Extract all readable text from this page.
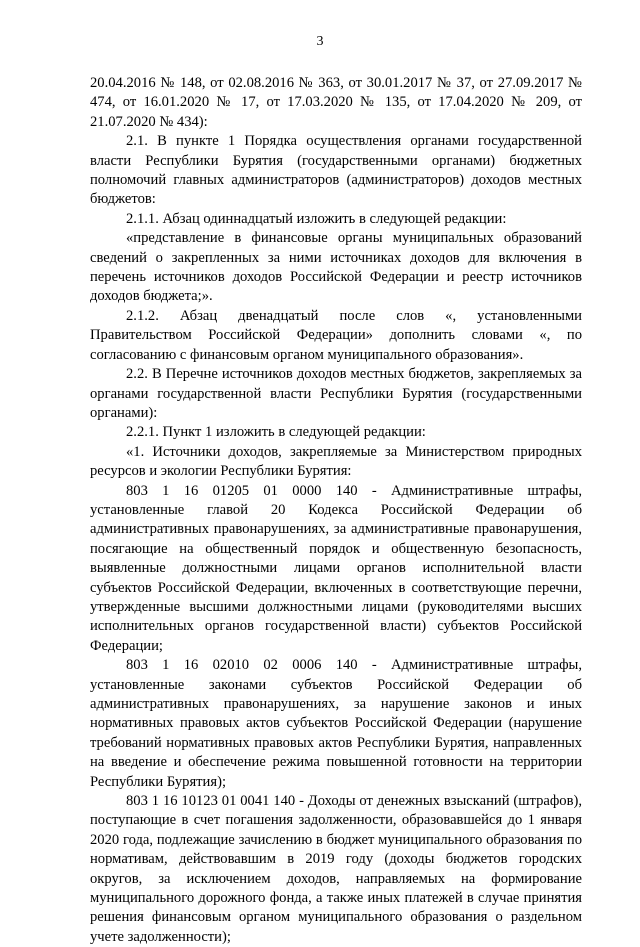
3

20.04.2016 № 148, от 02.08.2016 № 363, от 30.01.2017 № 37, от 27.09.2017 № 474, от 16.01.2020 № 17, от 17.03.2020 № 135, от 17.04.2020 № 209, от 21.07.2020 № 434):

2.1. В пункте 1 Порядка осуществления органами государственной власти Республики Бурятия (государственными органами) бюджетных полномочий главных администраторов (администраторов) доходов местных бюджетов:

2.1.1. Абзац одиннадцатый изложить в следующей редакции:

«представление в финансовые органы муниципальных образований сведений о закрепленных за ними источниках доходов для включения в перечень источников доходов Российской Федерации и реестр источников доходов бюджета;».

2.1.2. Абзац двенадцатый после слов «, установленными Правительством Российской Федерации» дополнить словами «, по согласованию с финансовым органом муниципального образования».

2.2. В Перечне источников доходов местных бюджетов, закрепляемых за органами государственной власти Республики Бурятия (государственными органами):

2.2.1. Пункт 1 изложить в следующей редакции:

«1. Источники доходов, закрепляемые за Министерством природных ресурсов и экологии Республики Бурятия:

803 1 16 01205 01 0000 140 - Административные штрафы, установленные главой 20 Кодекса Российской Федерации об административных правонарушениях, за административные правонарушения, посягающие на общественный порядок и общественную безопасность, выявленные должностными лицами органов исполнительной власти субъектов Российской Федерации, включенных в соответствующие перечни, утвержденные высшими должностными лицами (руководителями высших исполнительных органов государственной власти) субъектов Российской Федерации;

803 1 16 02010 02 0006 140 - Административные штрафы, установленные законами субъектов Российской Федерации об административных правонарушениях, за нарушение законов и иных нормативных правовых актов субъектов Российской Федерации (нарушение требований нормативных правовых актов Республики Бурятия, направленных на введение и обеспечение режима повышенной готовности на территории Республики Бурятия);

803 1 16 10123 01 0041 140 - Доходы от денежных взысканий (штрафов), поступающие в счет погашения задолженности, образовавшейся до 1 января 2020 года, подлежащие зачислению в бюджет муниципального образования по нормативам, действовавшим в 2019 году (доходы бюджетов городских округов, за исключением доходов, направляемых на формирование муниципального дорожного фонда, а также иных платежей в случае принятия решения финансовым органом муниципального образования о раздельном учете задолженности);
